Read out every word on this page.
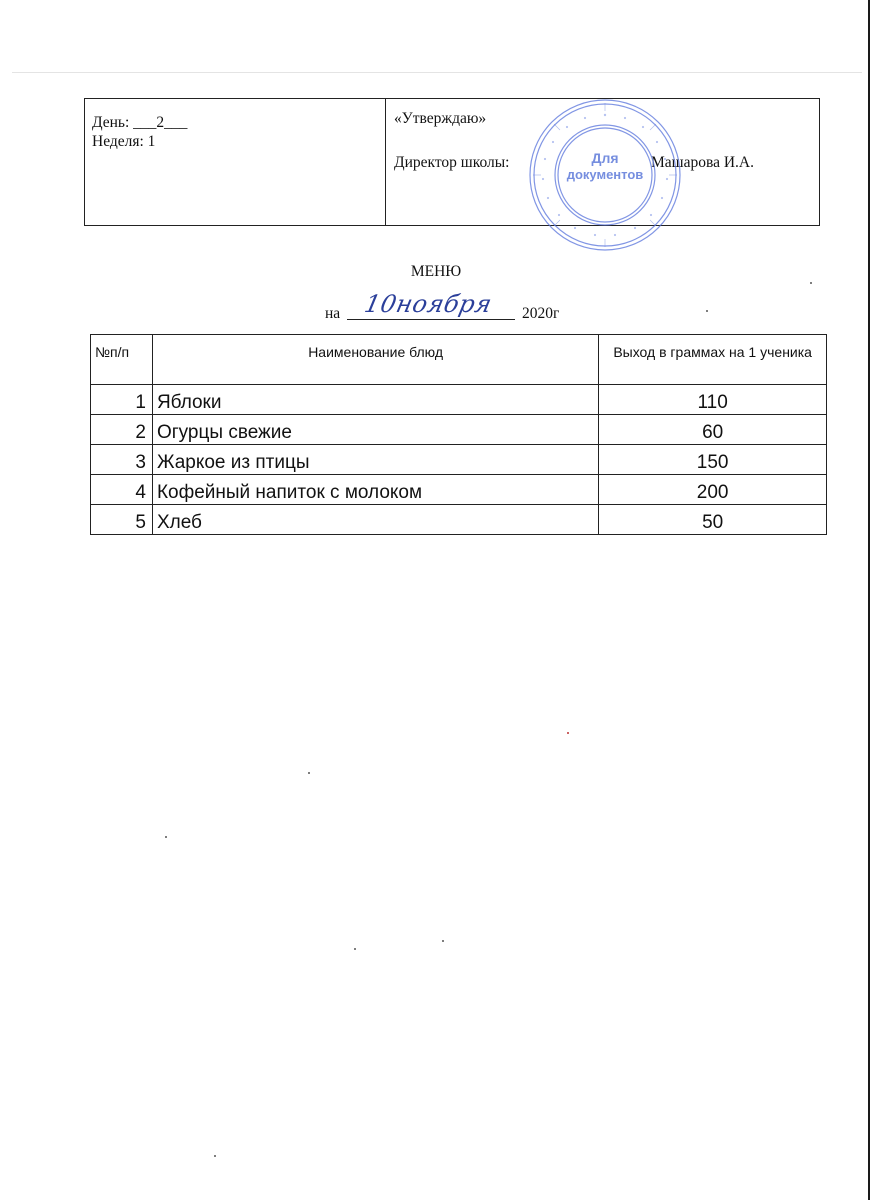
День: ___2___
Неделя: 1
«Утверждаю»
Директор школы:	Машарова И.А.
Для
документов
МЕНЮ
на 10ноября 2020г
№п/п	Наименование блюд	Выход в граммах на 1 ученика
1	Яблоки	110
2	Огурцы свежие	60
3	Жаркое из птицы	150
4	Кофейный напиток с молоком	200
5	Хлеб	50
